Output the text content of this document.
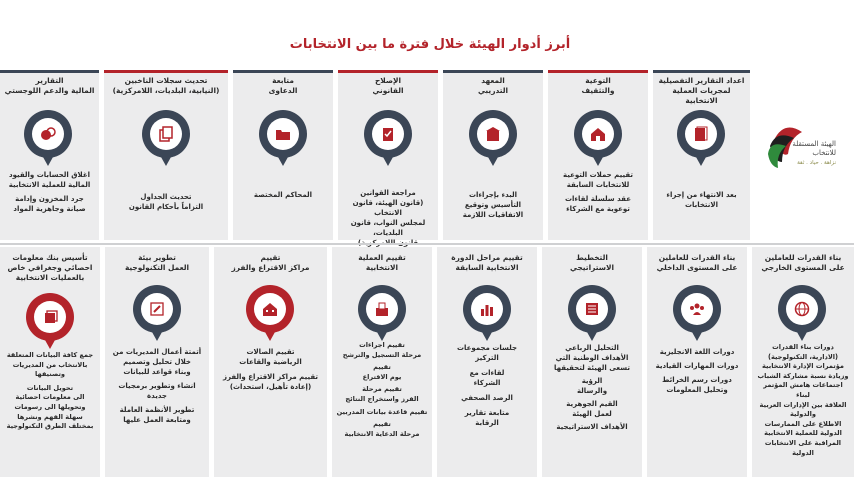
أبرز أدوار الهيئة خلال فترة ما بين الانتخابات
الهيئة المستقلة للانتخاب
نزاهة . حياد . ثقة
اعداد التقارير التفصيلية
لمجريات العملية الانتخابية
بعد الانتهاء من إجراء
الانتخابات
التوعية
والتثقيف
تقييم حملات التوعية
للانتخابات السابقة
عقد سلسلة لقاءات
توعوية مع الشركاء
المعهد
التدريبي
البدء بإجراءات
التأسيس وتوقيع
الاتفاقيات اللازمة
الإصلاح
القانوني
مراجعة القوانين
(قانون الهيئة، قانون الانتخاب
لمجلس النواب، قانون البلديات،
متابعة
الدعاوى
المحاكم المختصة
تحديث سجلات الناخبين
(النيابية، البلديات، اللامركزية)
تحديث الجداول
التزاماً بأحكام القانون
التقارير
المالية والدعم اللوجستي
اغلاق الحسابات والقيود
المالية للعملية الانتخابية
جرد المخزون وإدامة
صيانة وجاهزية المواد
بناء القدرات للعاملين
على المستوى الخارجي
دورات بناء القدرات
(الادارية، التكنولوجية)
مؤتمرات الإدارة الانتخابية
وزيادة نسبة مشاركة الشباب
اجتماعات هامش المؤتمر لبناء
العلاقة بين الإدارات العربية والدولية
الاطلاع على الممارسات
الدولية للعملية الانتخابية
المراقبة على الانتخابات
الدولية
بناء القدرات للعاملين
على المستوى الداخلي

دورات اللغة الانجليزية

دورات المهارات القيادية

دورات رسم الخرائط
وتحليل المعلومات
التخطيط
الاستراتيجي
التحليل الرباعي
الأهداف الوطنية التي
تسعى الهيئة لتحقيقها
الرؤية
والرسالة
القيم الجوهرية
لعمل الهيئة
الأهداف الاستراتيجية
تقييم مراحل الدورة
الانتخابية السابقة
جلسات مجموعات
التركيز
لقاءات مع
الشركاء
الرصد الصحفي
متابعة تقارير
الرقابة
تقييم العملية
الانتخابية
تقييم اجراءات
مرحلة التسجيل والترشح
تقييم
يوم الاقتراع
تقييم مرحلة
الفرز واستخراج النتائج
تقييم قاعدة بيانات المدربين
تقييم
مرحلة الدعاية الانتخابية
تقييم
مراكز الاقتراع والفرز
تقييم الصالات
الرياضية والقاعات
تقييم مراكز الاقتراع والفرز
(إعادة تأهيل، استحداث)
تطوير بيئة
العمل التكنولوجية
أتمتة أعمال المديريات من
خلال تحليل وتصميم
وبناء قواعد للبيانات
انشاء وتطوير برمجيات
جديدة
تطوير الأنظمة العاملة
ومتابعة العمل عليها
تأسيس بنك معلومات
احصائي وجغرافي خاص
بالعمليات الانتخابية
جمع كافة البيانات المتعلقة
بالانتخاب من المديريات
وتصنيفها
تحويل البيانات
الى معلومات احصائية
وتحويلها الى رسومات
سهلة الفهم ونشرها
بمختلف الطرق التكنولوجية
